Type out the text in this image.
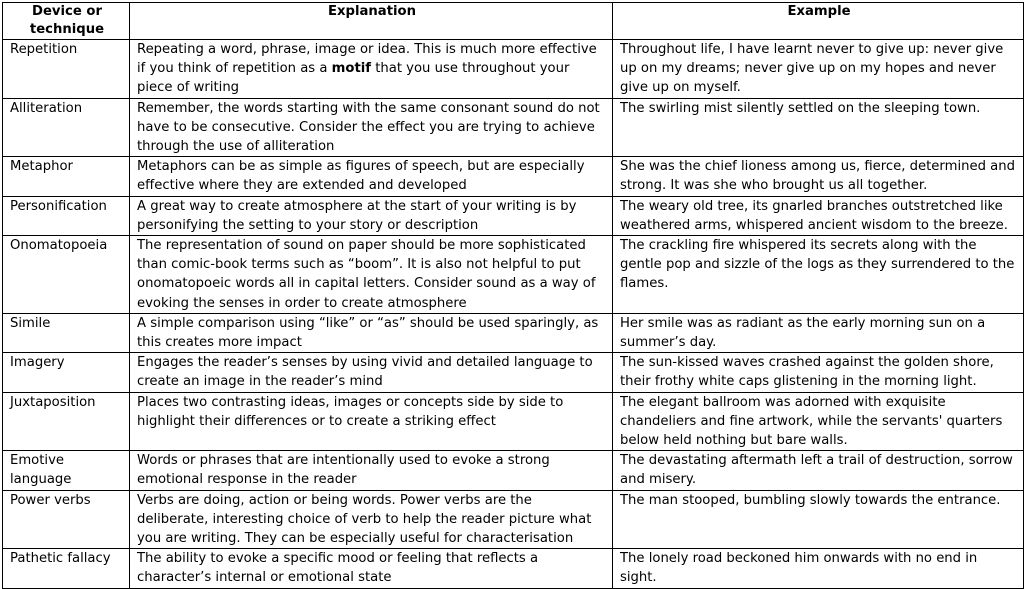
Device or technique	Explanation	Example
Repetition	Repeating a word, phrase, image or idea. This is much more effective if you think of repetition as a motif that you use throughout your piece of writing	Throughout life, I have learnt never to give up: never give up on my dreams; never give up on my hopes and never give up on myself.
Alliteration	Remember, the words starting with the same consonant sound do not have to be consecutive. Consider the effect you are trying to achieve through the use of alliteration	The swirling mist silently settled on the sleeping town.
Metaphor	Metaphors can be as simple as figures of speech, but are especially effective where they are extended and developed	She was the chief lioness among us, fierce, determined and strong. It was she who brought us all together.
Personification	A great way to create atmosphere at the start of your writing is by personifying the setting to your story or description	The weary old tree, its gnarled branches outstretched like weathered arms, whispered ancient wisdom to the breeze.
Onomatopoeia	The representation of sound on paper should be more sophisticated than comic-book terms such as “boom”. It is also not helpful to put onomatopoeic words all in capital letters. Consider sound as a way of evoking the senses in order to create atmosphere	The crackling fire whispered its secrets along with the gentle pop and sizzle of the logs as they surrendered to the flames.
Simile	A simple comparison using “like” or “as” should be used sparingly, as this creates more impact	Her smile was as radiant as the early morning sun on a summer’s day.
Imagery	Engages the reader’s senses by using vivid and detailed language to create an image in the reader’s mind	The sun-kissed waves crashed against the golden shore, their frothy white caps glistening in the morning light.
Juxtaposition	Places two contrasting ideas, images or concepts side by side to highlight their differences or to create a striking effect	The elegant ballroom was adorned with exquisite chandeliers and fine artwork, while the servants' quarters below held nothing but bare walls.
Emotive language	Words or phrases that are intentionally used to evoke a strong emotional response in the reader	The devastating aftermath left a trail of destruction, sorrow and misery.
Power verbs	Verbs are doing, action or being words. Power verbs are the deliberate, interesting choice of verb to help the reader picture what you are writing. They can be especially useful for characterisation	The man stooped, bumbling slowly towards the entrance.
Pathetic fallacy	The ability to evoke a specific mood or feeling that reflects a character’s internal or emotional state	The lonely road beckoned him onwards with no end in sight.
